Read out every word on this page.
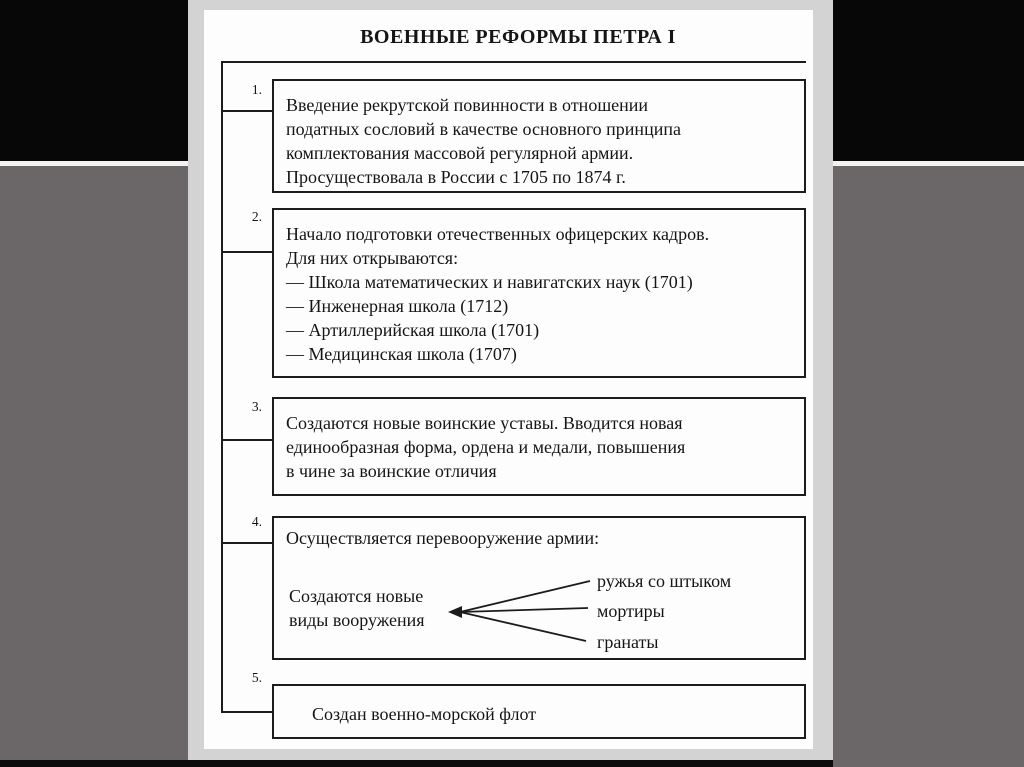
ВОЕННЫЕ РЕФОРМЫ ПЕТРА I
1.
2.
3.
4.
5.
Введение рекрутской повинности в отношении
податных сословий в качестве основного принципа
комплектования массовой регулярной армии.
Просуществовала в России с 1705 по 1874 г.
Начало подготовки отечественных офицерских кадров.
Для них открываются:
— Школа математических и навигатских наук (1701)
— Инженерная школа (1712)
— Артиллерийская школа (1701)
— Медицинская школа (1707)
Создаются новые воинские уставы. Вводится новая
единообразная форма, ордена и медали, повышения
в чине за воинские отличия
Осуществляется перевооружение армии:
Создаются новые
виды вооружения
ружья со штыком
мортиры
гранаты
Создан военно-морской флот
